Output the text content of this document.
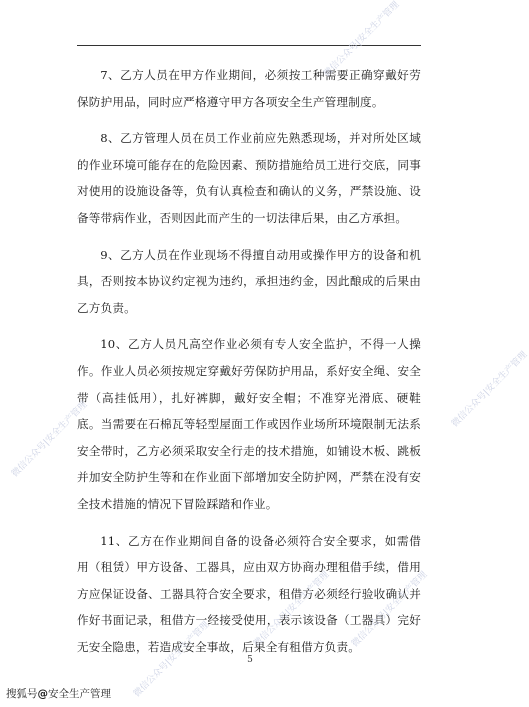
7、乙方人员在甲方作业期间，必须按工种需要正确穿戴好劳保防护用品，同时应严格遵守甲方各项安全生产管理制度。

8、乙方管理人员在员工作业前应先熟悉现场，并对所处区域的作业环境可能存在的危险因素、预防措施给员工进行交底，同事对使用的设施设备等，负有认真检查和确认的义务，严禁设施、设备等带病作业，否则因此而产生的一切法律后果，由乙方承担。

9、乙方人员在作业现场不得擅自动用或操作甲方的设备和机具，否则按本协议约定视为违约，承担违约金，因此酿成的后果由乙方负责。

10、乙方人员凡高空作业必须有专人安全监护，不得一人操作。作业人员必须按规定穿戴好劳保防护用品，系好安全绳、安全带（高挂低用），扎好裤脚，戴好安全帽；不准穿光滑底、硬鞋底。当需要在石棉瓦等轻型屋面工作或因作业场所环境限制无法系安全带时，乙方必须采取安全行走的技术措施，如铺设木板、跳板并加安全防护生等和在作业面下部增加安全防护网，严禁在没有安全技术措施的情况下冒险踩踏和作业。

11、乙方在作业期间自备的设备必须符合安全要求，如需借用（租赁）甲方设备、工器具，应由双方协商办理租借手续，借用方应保证设备、工器具符合安全要求，租借方必须经行验收确认并作好书面记录，租借方一经接受使用，表示该设备（工器具）完好无安全隐患，若造成安全事故，后果全有租借方负责。

5
微信公众号|安全生产管理
微信公众号|安全生产管理
微信公众号|安全生产管理
微信公众号|安全生产管理
微信公众号|安全生产管理 微信公众号|安全生产管理
搜狐号@安全生产管理
